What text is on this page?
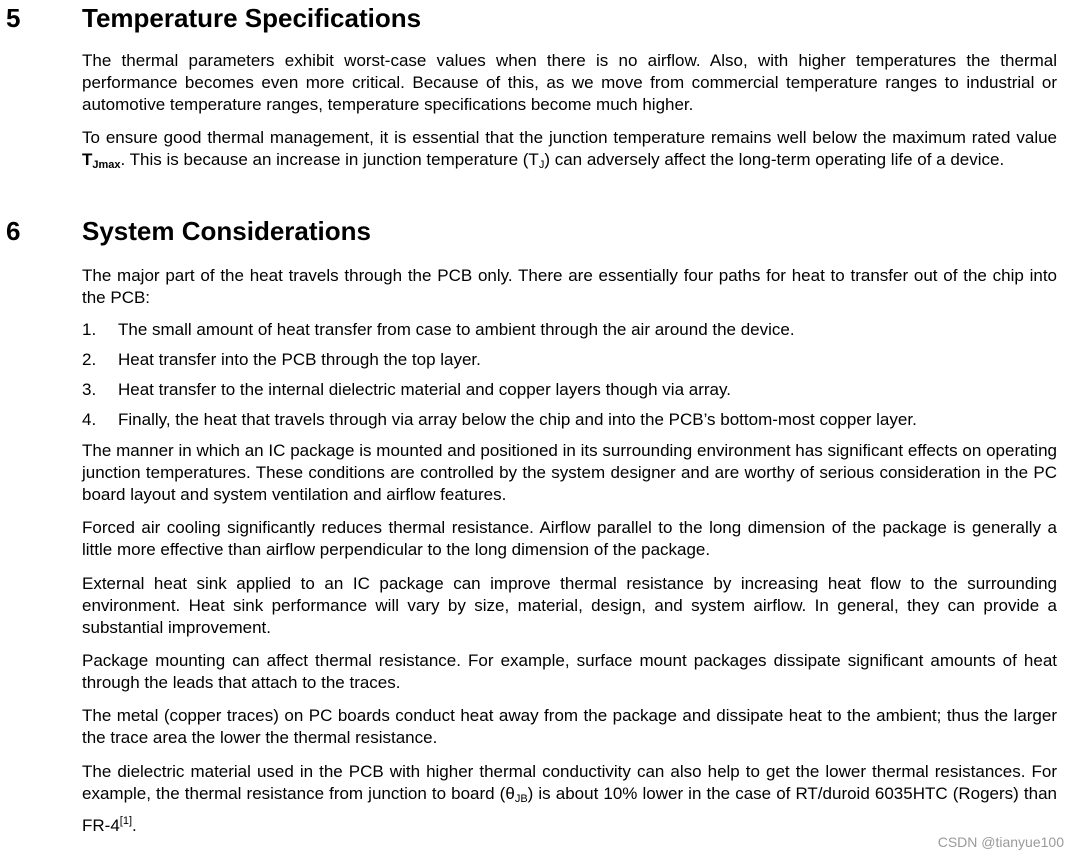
5 Temperature Specifications

The thermal parameters exhibit worst-case values when there is no airflow. Also, with higher temperatures the thermal performance becomes even more critical. Because of this, as we move from commercial temperature ranges to industrial or automotive temperature ranges, temperature specifications become much higher.

To ensure good thermal management, it is essential that the junction temperature remains well below the maximum rated value $T_{Jmax}$. This is because an increase in junction temperature $(T_J)$ can adversely affect the long-term operating life of a device.

6 System Considerations

The major part of the heat travels through the PCB only. There are essentially four paths for heat to transfer out of the chip into the PCB:

1. The small amount of heat transfer from case to ambient through the air around the device.
2. Heat transfer into the PCB through the top layer.
3. Heat transfer to the internal dielectric material and copper layers though via array.
4. Finally, the heat that travels through via array below the chip and into the PCB’s bottom-most copper layer.

The manner in which an IC package is mounted and positioned in its surrounding environment has significant effects on operating junction temperatures. These conditions are controlled by the system designer and are worthy of serious consideration in the PC board layout and system ventilation and airflow features.

Forced air cooling significantly reduces thermal resistance. Airflow parallel to the long dimension of the package is generally a little more effective than airflow perpendicular to the long dimension of the package.

External heat sink applied to an IC package can improve thermal resistance by increasing heat flow to the surrounding environment. Heat sink performance will vary by size, material, design, and system airflow. In general, they can provide a substantial improvement.

Package mounting can affect thermal resistance. For example, surface mount packages dissipate significant amounts of heat through the leads that attach to the traces.

The metal (copper traces) on PC boards conduct heat away from the package and dissipate heat to the ambient; thus the larger the trace area the lower the thermal resistance.

The dielectric material used in the PCB with higher thermal conductivity can also help to get the lower thermal resistances. For example, the thermal resistance from junction to board $(\theta_{JB})$ is about 10% lower in the case of RT/duroid 6035HTC (Rogers) than FR-4[1].

CSDN @tianyue100
